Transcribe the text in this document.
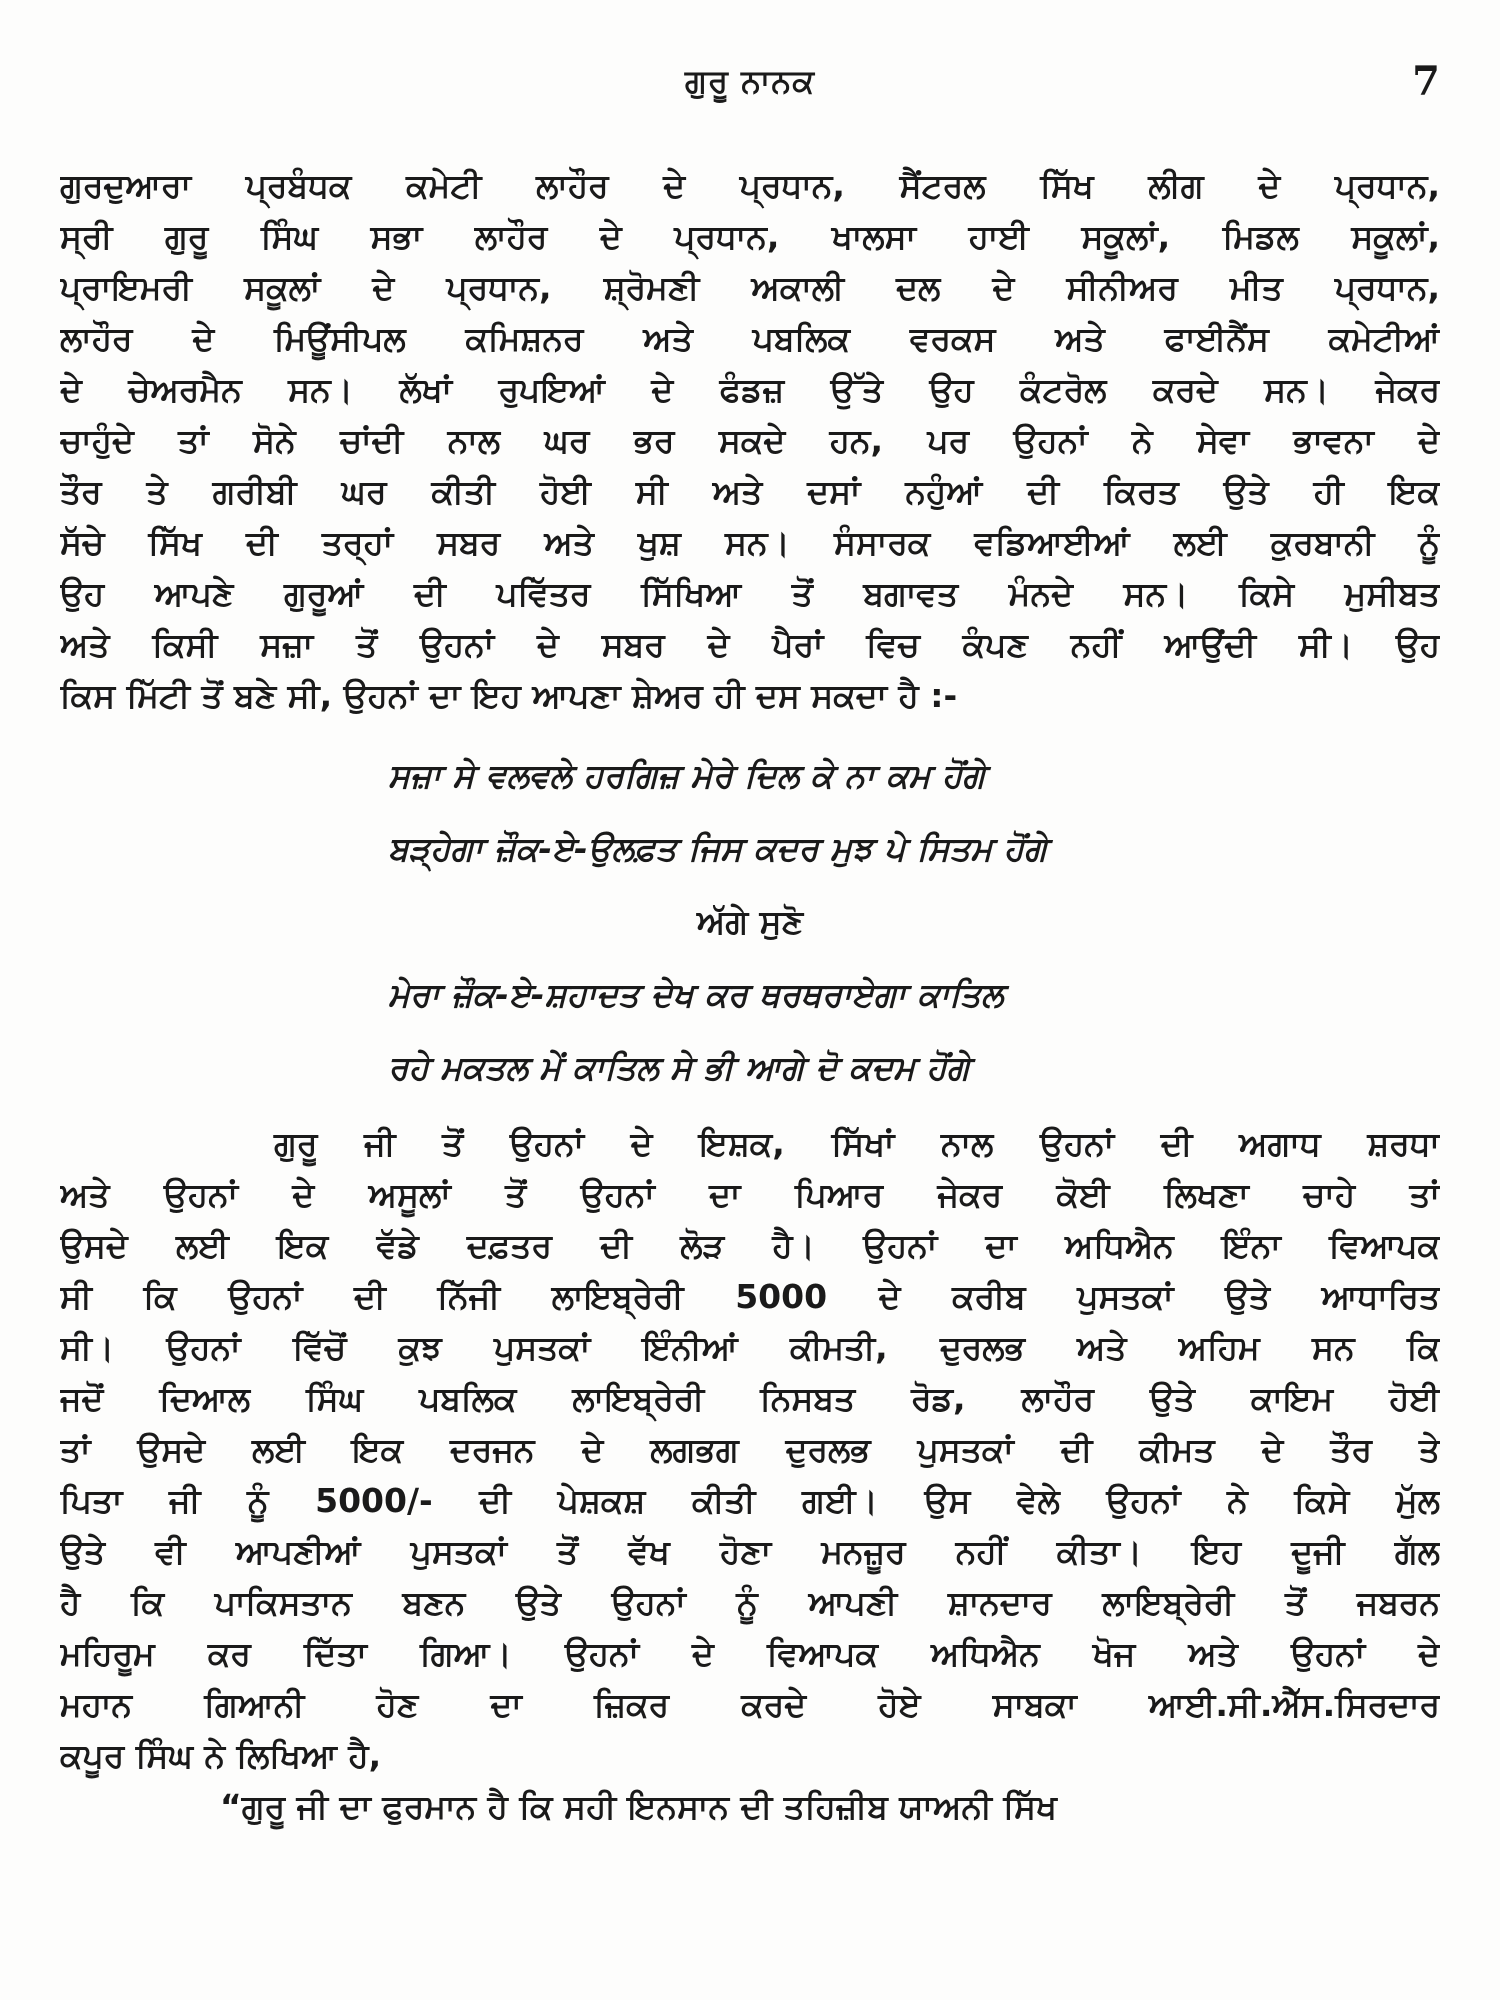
ਗੁਰੂ ਨਾਨਕ	7
ਗੁਰਦੁਆਰਾ ਪ੍ਰਬੰਧਕ ਕਮੇਟੀ ਲਾਹੌਰ ਦੇ ਪ੍ਰਧਾਨ, ਸੈਂਟਰਲ ਸਿੱਖ ਲੀਗ ਦੇ ਪ੍ਰਧਾਨ,
ਸ੍ਰੀ ਗੁਰੂ ਸਿੰਘ ਸਭਾ ਲਾਹੌਰ ਦੇ ਪ੍ਰਧਾਨ, ਖਾਲਸਾ ਹਾਈ ਸਕੂਲਾਂ, ਮਿਡਲ ਸਕੂਲਾਂ,
ਪ੍ਰਾਇਮਰੀ ਸਕੂਲਾਂ ਦੇ ਪ੍ਰਧਾਨ, ਸ਼੍ਰੋਮਣੀ ਅਕਾਲੀ ਦਲ ਦੇ ਸੀਨੀਅਰ ਮੀਤ ਪ੍ਰਧਾਨ,
ਲਾਹੌਰ ਦੇ ਮਿਊਂਸੀਪਲ ਕਮਿਸ਼ਨਰ ਅਤੇ ਪਬਲਿਕ ਵਰਕਸ ਅਤੇ ਫਾਈਨੈਂਸ ਕਮੇਟੀਆਂ
ਦੇ ਚੇਅਰਮੈਨ ਸਨ। ਲੱਖਾਂ ਰੁਪਇਆਂ ਦੇ ਫੰਡਜ਼ ਉੱਤੇ ਉਹ ਕੰਟਰੋਲ ਕਰਦੇ ਸਨ। ਜੇਕਰ
ਚਾਹੁੰਦੇ ਤਾਂ ਸੋਨੇ ਚਾਂਦੀ ਨਾਲ ਘਰ ਭਰ ਸਕਦੇ ਹਨ, ਪਰ ਉਹਨਾਂ ਨੇ ਸੇਵਾ ਭਾਵਨਾ ਦੇ
ਤੌਰ ਤੇ ਗਰੀਬੀ ਘਰ ਕੀਤੀ ਹੋਈ ਸੀ ਅਤੇ ਦਸਾਂ ਨਹੁੰਆਂ ਦੀ ਕਿਰਤ ਉਤੇ ਹੀ ਇਕ
ਸੱਚੇ ਸਿੱਖ ਦੀ ਤਰ੍ਹਾਂ ਸਬਰ ਅਤੇ ਖੁਸ਼ ਸਨ। ਸੰਸਾਰਕ ਵਡਿਆਈਆਂ ਲਈ ਕੁਰਬਾਨੀ ਨੂੰ
ਉਹ ਆਪਣੇ ਗੁਰੂਆਂ ਦੀ ਪਵਿੱਤਰ ਸਿੱਖਿਆ ਤੋਂ ਬਗਾਵਤ ਮੰਨਦੇ ਸਨ। ਕਿਸੇ ਮੁਸੀਬਤ
ਅਤੇ ਕਿਸੀ ਸਜ਼ਾ ਤੋਂ ਉਹਨਾਂ ਦੇ ਸਬਰ ਦੇ ਪੈਰਾਂ ਵਿਚ ਕੰਪਣ ਨਹੀਂ ਆਉਂਦੀ ਸੀ। ਉਹ
ਕਿਸ ਮਿੱਟੀ ਤੋਂ ਬਣੇ ਸੀ, ਉਹਨਾਂ ਦਾ ਇਹ ਆਪਣਾ ਸ਼ੇਅਰ ਹੀ ਦਸ ਸਕਦਾ ਹੈ :-
ਸਜ਼ਾ ਸੇ ਵਲਵਲੇ ਹਰਗਿਜ਼ ਮੇਰੇ ਦਿਲ ਕੇ ਨਾ ਕਮ ਹੋਂਗੇ
ਬੜ੍ਹੇਗਾ ਜ਼ੌਕ-ਏ-ਉਲਫ਼ਤ ਜਿਸ ਕਦਰ ਮੁਝ ਪੇ ਸਿਤਮ ਹੋਂਗੇ
ਅੱਗੇ ਸੁਣੋ
ਮੇਰਾ ਜ਼ੌਕ-ਏ-ਸ਼ਹਾਦਤ ਦੇਖ ਕਰ ਥਰਥਰਾਏਗਾ ਕਾਤਿਲ
ਰਹੇ ਮਕਤਲ ਮੇਂ ਕਾਤਿਲ ਸੇ ਭੀ ਆਗੇ ਦੋ ਕਦਮ ਹੋਂਗੇ
ਗੁਰੂ ਜੀ ਤੋਂ ਉਹਨਾਂ ਦੇ ਇਸ਼ਕ, ਸਿੱਖਾਂ ਨਾਲ ਉਹਨਾਂ ਦੀ ਅਗਾਧ ਸ਼ਰਧਾ
ਅਤੇ ਉਹਨਾਂ ਦੇ ਅਸੂਲਾਂ ਤੋਂ ਉਹਨਾਂ ਦਾ ਪਿਆਰ ਜੇਕਰ ਕੋਈ ਲਿਖਣਾ ਚਾਹੇ ਤਾਂ
ਉਸਦੇ ਲਈ ਇਕ ਵੱਡੇ ਦਫ਼ਤਰ ਦੀ ਲੋੜ ਹੈ। ਉਹਨਾਂ ਦਾ ਅਧਿਐਨ ਇੰਨਾ ਵਿਆਪਕ
ਸੀ ਕਿ ਉਹਨਾਂ ਦੀ ਨਿੱਜੀ ਲਾਇਬ੍ਰੇਰੀ 5000 ਦੇ ਕਰੀਬ ਪੁਸਤਕਾਂ ਉਤੇ ਆਧਾਰਿਤ
ਸੀ। ਉਹਨਾਂ ਵਿੱਚੋਂ ਕੁਝ ਪੁਸਤਕਾਂ ਇੰਨੀਆਂ ਕੀਮਤੀ, ਦੁਰਲਭ ਅਤੇ ਅਹਿਮ ਸਨ ਕਿ
ਜਦੋਂ ਦਿਆਲ ਸਿੰਘ ਪਬਲਿਕ ਲਾਇਬ੍ਰੇਰੀ ਨਿਸਬਤ ਰੋਡ, ਲਾਹੌਰ ਉਤੇ ਕਾਇਮ ਹੋਈ
ਤਾਂ ਉਸਦੇ ਲਈ ਇਕ ਦਰਜਨ ਦੇ ਲਗਭਗ ਦੁਰਲਭ ਪੁਸਤਕਾਂ ਦੀ ਕੀਮਤ ਦੇ ਤੌਰ ਤੇ
ਪਿਤਾ ਜੀ ਨੂੰ 5000/- ਦੀ ਪੇਸ਼ਕਸ਼ ਕੀਤੀ ਗਈ। ਉਸ ਵੇਲੇ ਉਹਨਾਂ ਨੇ ਕਿਸੇ ਮੁੱਲ
ਉਤੇ ਵੀ ਆਪਣੀਆਂ ਪੁਸਤਕਾਂ ਤੋਂ ਵੱਖ ਹੋਣਾ ਮਨਜ਼ੂਰ ਨਹੀਂ ਕੀਤਾ। ਇਹ ਦੂਜੀ ਗੱਲ
ਹੈ ਕਿ ਪਾਕਿਸਤਾਨ ਬਣਨ ਉਤੇ ਉਹਨਾਂ ਨੂੰ ਆਪਣੀ ਸ਼ਾਨਦਾਰ ਲਾਇਬ੍ਰੇਰੀ ਤੋਂ ਜਬਰਨ
ਮਹਿਰੂਮ ਕਰ ਦਿੱਤਾ ਗਿਆ। ਉਹਨਾਂ ਦੇ ਵਿਆਪਕ ਅਧਿਐਨ ਖੋਜ ਅਤੇ ਉਹਨਾਂ ਦੇ
ਮਹਾਨ ਗਿਆਨੀ ਹੋਣ ਦਾ ਜ਼ਿਕਰ ਕਰਦੇ ਹੋਏ ਸਾਬਕਾ ਆਈ.ਸੀ.ਐੱਸ.ਸਿਰਦਾਰ
ਕਪੂਰ ਸਿੰਘ ਨੇ ਲਿਖਿਆ ਹੈ,
“ਗੁਰੂ ਜੀ ਦਾ ਫੁਰਮਾਨ ਹੈ ਕਿ ਸਹੀ ਇਨਸਾਨ ਦੀ ਤਹਿਜ਼ੀਬ ਯਾਅਨੀ ਸਿੱਖ
